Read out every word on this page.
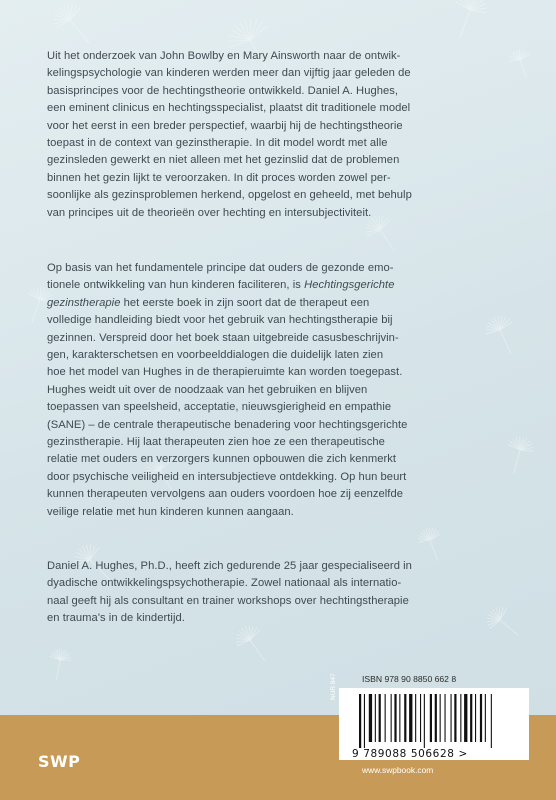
Uit het onderzoek van John Bowlby en Mary Ainsworth naar de ontwik-
kelingspsychologie van kinderen werden meer dan vijftig jaar geleden de
basisprincipes voor de hechtingstheorie ontwikkeld. Daniel A. Hughes,
een eminent clinicus en hechtingsspecialist, plaatst dit traditionele model
voor het eerst in een breder perspectief, waarbij hij de hechtingstheorie
toepast in de context van gezinstherapie. In dit model wordt met alle
gezinsleden gewerkt en niet alleen met het gezinslid dat de problemen
binnen het gezin lijkt te veroorzaken. In dit proces worden zowel per-
soonlijke als gezinsproblemen herkend, opgelost en geheeld, met behulp
van principes uit de theorieën over hechting en intersubjectiviteit.
Op basis van het fundamentele principe dat ouders de gezonde emo-
tionele ontwikkeling van hun kinderen faciliteren, is Hechtingsgerichte
gezinstherapie het eerste boek in zijn soort dat de therapeut een
volledige handleiding biedt voor het gebruik van hechtingstherapie bij
gezinnen. Verspreid door het boek staan uitgebreide casusbeschrijvin-
gen, karakterschetsen en voorbeelddialogen die duidelijk laten zien
hoe het model van Hughes in de therapieruimte kan worden toegepast.
Hughes weidt uit over de noodzaak van het gebruiken en blijven
toepassen van speelsheid, acceptatie, nieuwsgierigheid en empathie
(SANE) – de centrale therapeutische benadering voor hechtingsgerichte
gezinstherapie. Hij laat therapeuten zien hoe ze een therapeutische
relatie met ouders en verzorgers kunnen opbouwen die zich kenmerkt
door psychische veiligheid en intersubjectieve ontdekking. Op hun beurt
kunnen therapeuten vervolgens aan ouders voordoen hoe zij eenzelfde
veilige relatie met hun kinderen kunnen aangaan.
Daniel A. Hughes, Ph.D., heeft zich gedurende 25 jaar gespecialiseerd in
dyadische ontwikkelingspsychotherapie. Zowel nationaal als internatio-
naal geeft hij als consultant en trainer workshops over hechtingstherapie
en trauma's in de kindertijd.
ISBN 978 90 8850 662 8
9 789088 506628 >
NUR 847
SWP	www.swpbook.com
